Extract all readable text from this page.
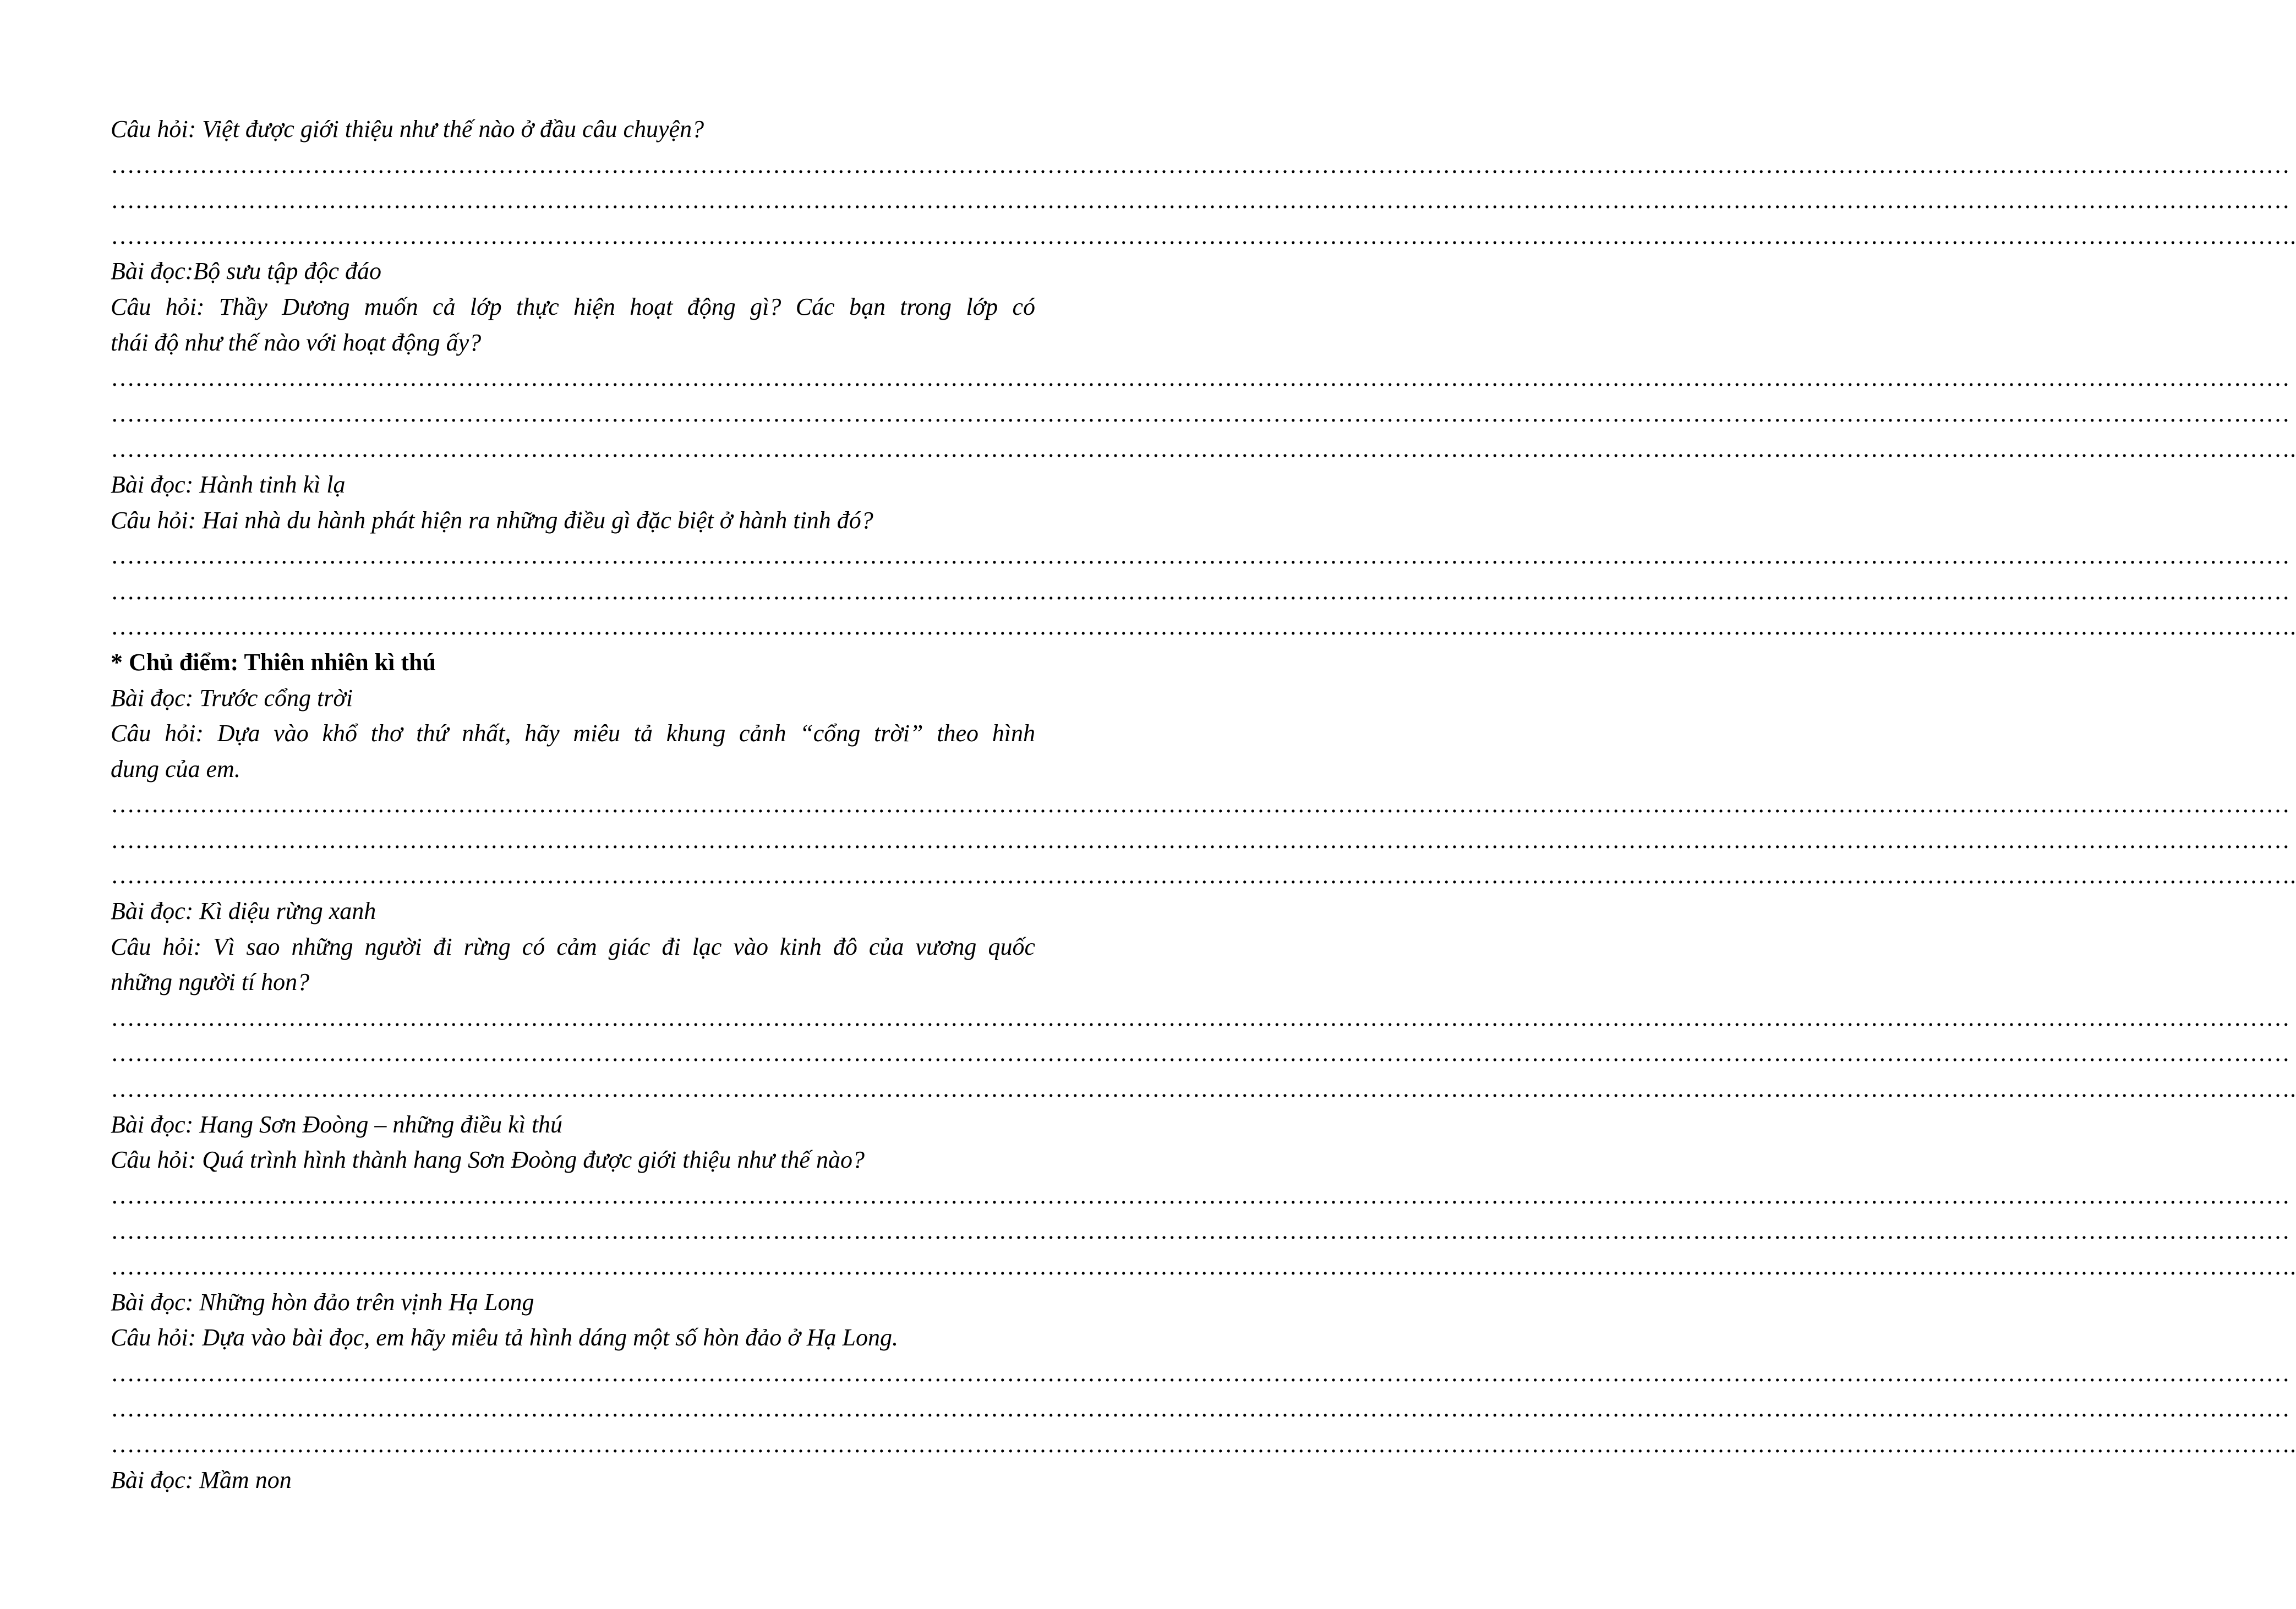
Câu hỏi: Việt được giới thiệu như thế nào ở đầu câu chuyện?
………………………………………………………………………………………………………………………………………………………………………………………………………………………………………………
………………………………………………………………………………………………………………………………………………………………………………………………………………………………………………
……………………………………………………………………………………………………………………………………………………………………………………………………………………………………………….
Bài đọc:Bộ sưu tập độc đáo
Câu hỏi: Thầy Dương muốn cả lớp thực hiện hoạt động gì? Các bạn trong lớp có
thái độ như thế nào với hoạt động ấy?
………………………………………………………………………………………………………………………………………………………………………………………………………………………………………………
………………………………………………………………………………………………………………………………………………………………………………………………………………………………………………
……………………………………………………………………………………………………………………………………………………………………………………………………………………………………………….
Bài đọc: Hành tinh kì lạ
Câu hỏi: Hai nhà du hành phát hiện ra những điều gì đặc biệt ở hành tinh đó?
………………………………………………………………………………………………………………………………………………………………………………………………………………………………………………
………………………………………………………………………………………………………………………………………………………………………………………………………………………………………………
……………………………………………………………………………………………………………………………………………………………………………………………………………………………………………….
* Chủ điểm: Thiên nhiên kì thú
Bài đọc: Trước cổng trời
Câu hỏi: Dựa vào khổ thơ thứ nhất, hãy miêu tả khung cảnh “cổng trời” theo hình
dung của em.
………………………………………………………………………………………………………………………………………………………………………………………………………………………………………………
………………………………………………………………………………………………………………………………………………………………………………………………………………………………………………
……………………………………………………………………………………………………………………………………………………………………………………………………………………………………………….
Bài đọc: Kì diệu rừng xanh
Câu hỏi: Vì sao những người đi rừng có cảm giác đi lạc vào kinh đô của vương quốc
những người tí hon?
………………………………………………………………………………………………………………………………………………………………………………………………………………………………………………
………………………………………………………………………………………………………………………………………………………………………………………………………………………………………………
……………………………………………………………………………………………………………………………………………………………………………………………………………………………………………….
Bài đọc: Hang Sơn Đoòng – những điều kì thú
Câu hỏi: Quá trình hình thành hang Sơn Đoòng được giới thiệu như thế nào?
………………………………………………………………………………………………………………………………………………………………………………………………………………………………………………
………………………………………………………………………………………………………………………………………………………………………………………………………………………………………………
……………………………………………………………………………………………………………………………………………………………………………………………………………………………………………….
Bài đọc: Những hòn đảo trên vịnh Hạ Long
Câu hỏi: Dựa vào bài đọc, em hãy miêu tả hình dáng một số hòn đảo ở Hạ Long.
………………………………………………………………………………………………………………………………………………………………………………………………………………………………………………
………………………………………………………………………………………………………………………………………………………………………………………………………………………………………………
……………………………………………………………………………………………………………………………………………………………………………………………………………………………………………….
Bài đọc: Mầm non
